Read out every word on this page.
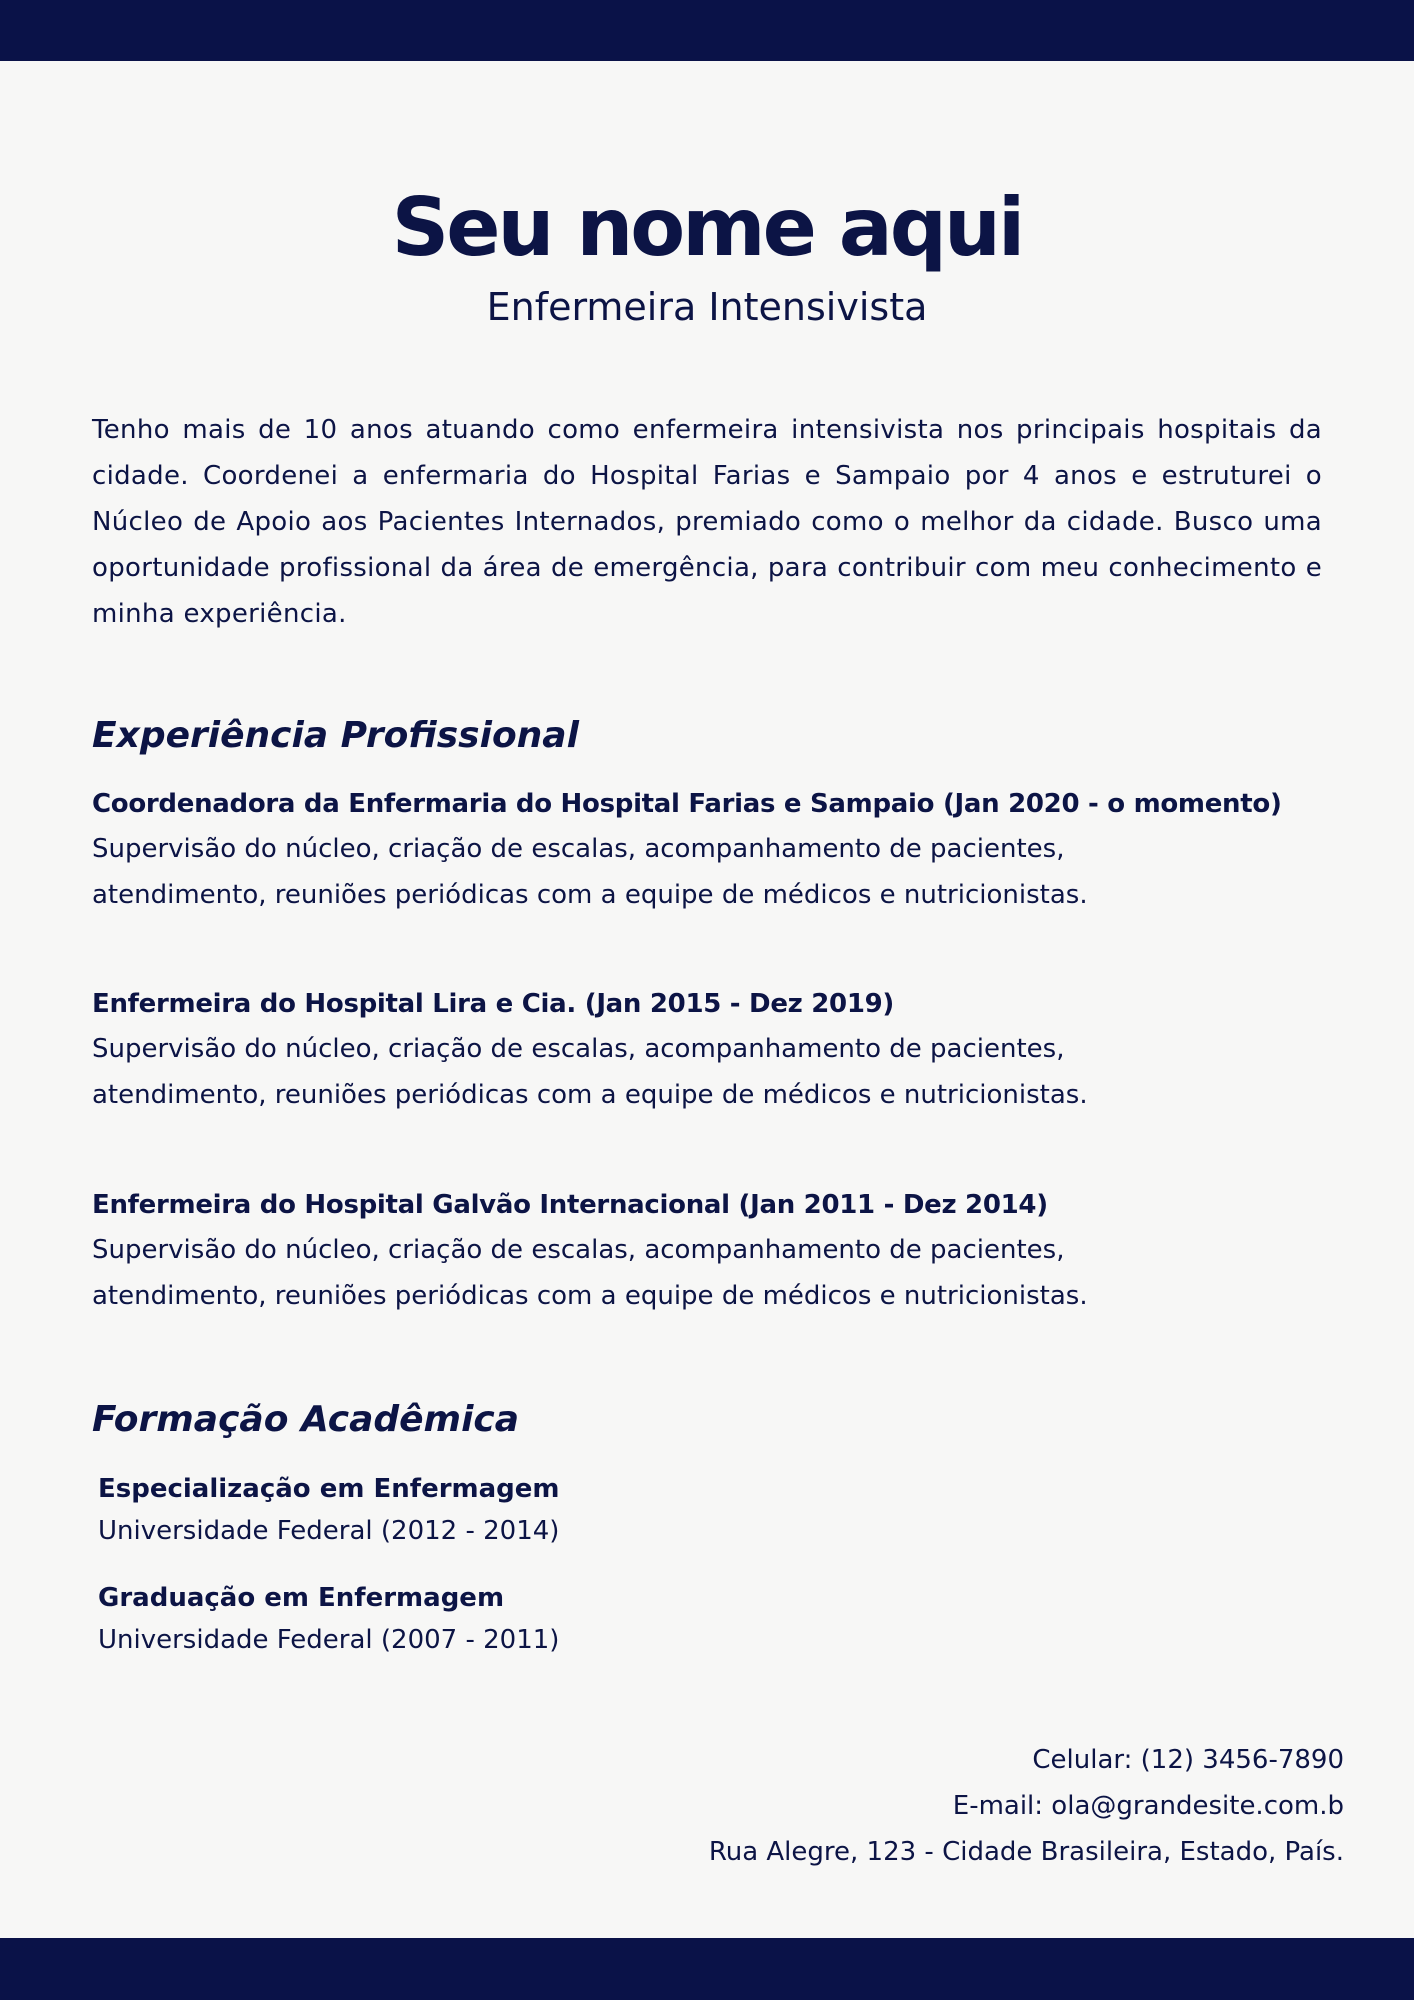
Seu nome aqui
Enfermeira Intensivista

Tenho mais de 10 anos atuando como enfermeira intensivista nos principais hospitais da cidade. Coordenei a enfermaria do Hospital Farias e Sampaio por 4 anos e estruturei o Núcleo de Apoio aos Pacientes Internados, premiado como o melhor da cidade. Busco uma oportunidade profissional da área de emergência, para contribuir com meu conhecimento e minha experiência.

Experiência Profissional
Coordenadora da Enfermaria do Hospital Farias e Sampaio (Jan 2020 - o momento)
Supervisão do núcleo, criação de escalas, acompanhamento de pacientes, atendimento, reuniões periódicas com a equipe de médicos e nutricionistas.
Enfermeira do Hospital Lira e Cia. (Jan 2015 - Dez 2019)
Supervisão do núcleo, criação de escalas, acompanhamento de pacientes, atendimento, reuniões periódicas com a equipe de médicos e nutricionistas.
Enfermeira do Hospital Galvão Internacional (Jan 2011 - Dez 2014)
Supervisão do núcleo, criação de escalas, acompanhamento de pacientes, atendimento, reuniões periódicas com a equipe de médicos e nutricionistas.
Formação Acadêmica
Especialização em Enfermagem
Universidade Federal (2012 - 2014)
Graduação em Enfermagem
Universidade Federal (2007 - 2011)
Celular: (12) 3456-7890
E-mail: ola@grandesite.com.b
Rua Alegre, 123 - Cidade Brasileira, Estado, País.
